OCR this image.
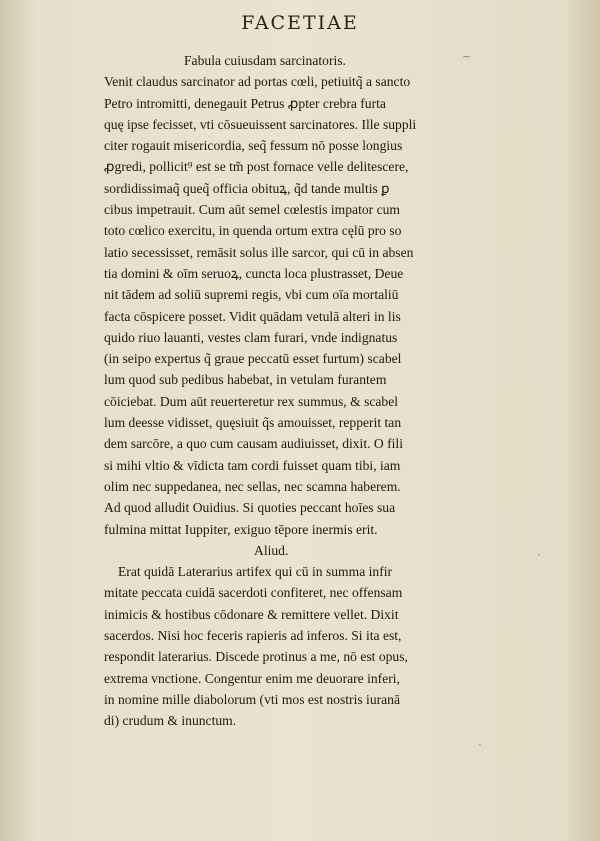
FACETIAE
~
·
·
Fabula cuiusdam sarcinatoris.
Venit claudus sarcinator ad portas cœli, petiuitq̃ a sancto
Petro intromitti, denegauit Petrus ꝓpter crebra furta
quę ipse fecisset, vti cōsueuissent sarcinatores. Ille suppli
citer rogauit misericordia, seq̃ fessum nō posse longius
ꝓgredi, pollicit⁹ est se tm̃ post fornace velle delitescere,
sordidissimaq̃ queq̃ officia obituꝝ, q̃d tande multis ꝑ
cibus impetrauit. Cum aūt semel cœlestis impator cum
toto cœlico exercitu, in quenda ortum extra cęlū pro so
latio secessisset, remāsit solus ille sarcor, qui cū in absen
tia domini & oīm seruoꝝ, cuncta loca plustrasset, Deue
nit tādem ad soliū supremi regis, vbi cum oīa mortaliū
facta cōspicere posset. Vidit quādam vetulā alteri in lis
quido riuo lauanti, vestes clam furari, vnde indignatus
(in seipo expertus q̃ graue peccatū esset furtum) scabel
lum quod sub pedibus habebat, in vetulam furantem
cōiciebat. Dum aūt reuerteretur rex summus, & scabel
lum deesse vidisset, quęsiuit q̃s amouisset, repperit tan
dem sarcōre, a quo cum causam audiuisset, dixit. O fili
si mihi vltio & vīdicta tam cordi fuisset quam tibi, iam
olim nec suppedanea, nec sellas, nec scamna haberem.
Ad quod alludit Ouidius. Si quoties peccant hoīes sua
fulmina mittat Iuppiter, exiguo tēpore inermis erit.
Aliud.
Erat quidā Laterarius artifex qui cū in summa infir
mitate peccata cuidā sacerdoti confiteret, nec offensam
inimicis & hostibus cōdonare & remittere vellet. Dixit
sacerdos. Nisi hoc feceris rapieris ad inferos. Si ita est,
respondit laterarius. Discede protinus a me, nō est opus,
extrema vnctione. Congentur enim me deuorare inferi,
in nomine mille diabolorum (vti mos est nostris iuranā
di) crudum & inunctum.
